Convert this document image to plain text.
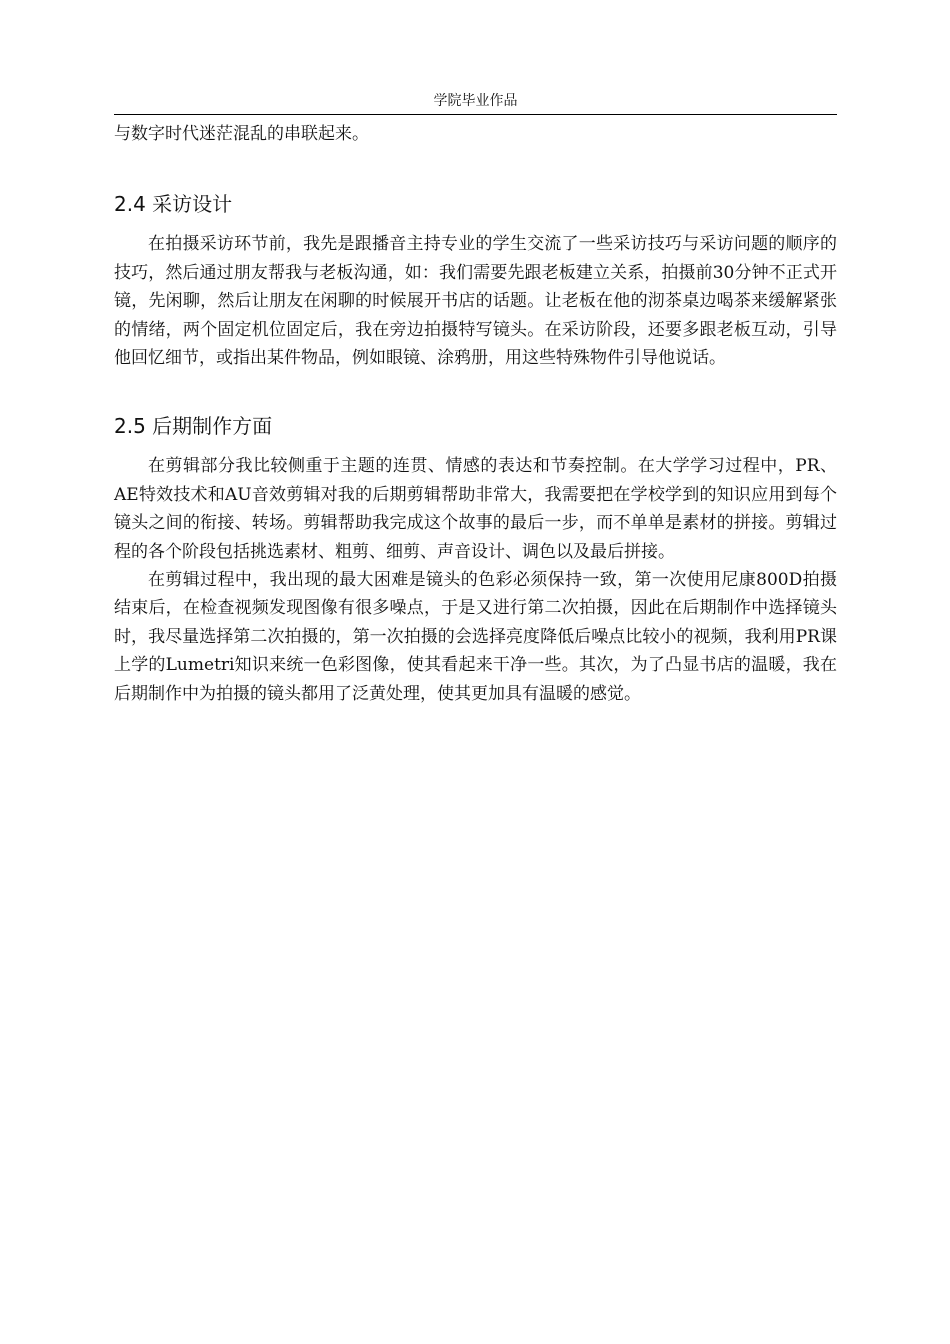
学院毕业作品

与数字时代迷茫混乱的串联起来。

2.4 采访设计

在拍摄采访环节前，我先是跟播音主持专业的学生交流了一些采访技巧与采访问题的顺序的技巧，然后通过朋友帮我与老板沟通，如：我们需要先跟老板建立关系，拍摄前30分钟不正式开镜，先闲聊，然后让朋友在闲聊的时候展开书店的话题。让老板在他的沏茶桌边喝茶来缓解紧张的情绪，两个固定机位固定后，我在旁边拍摄特写镜头。在采访阶段，还要多跟老板互动，引导他回忆细节，或指出某件物品，例如眼镜、涂鸦册，用这些特殊物件引导他说话。

2.5 后期制作方面

在剪辑部分我比较侧重于主题的连贯、情感的表达和节奏控制。在大学学习过程中，PR、AE特效技术和AU音效剪辑对我的后期剪辑帮助非常大，我需要把在学校学到的知识应用到每个镜头之间的衔接、转场。剪辑帮助我完成这个故事的最后一步，而不单单是素材的拼接。剪辑过程的各个阶段包括挑选素材、粗剪、细剪、声音设计、调色以及最后拼接。

在剪辑过程中，我出现的最大困难是镜头的色彩必须保持一致，第一次使用尼康800D拍摄结束后，在检查视频发现图像有很多噪点，于是又进行第二次拍摄，因此在后期制作中选择镜头时，我尽量选择第二次拍摄的，第一次拍摄的会选择亮度降低后噪点比较小的视频，我利用PR课上学的Lumetri知识来统一色彩图像，使其看起来干净一些。其次，为了凸显书店的温暖，我在后期制作中为拍摄的镜头都用了泛黄处理，使其更加具有温暖的感觉。
